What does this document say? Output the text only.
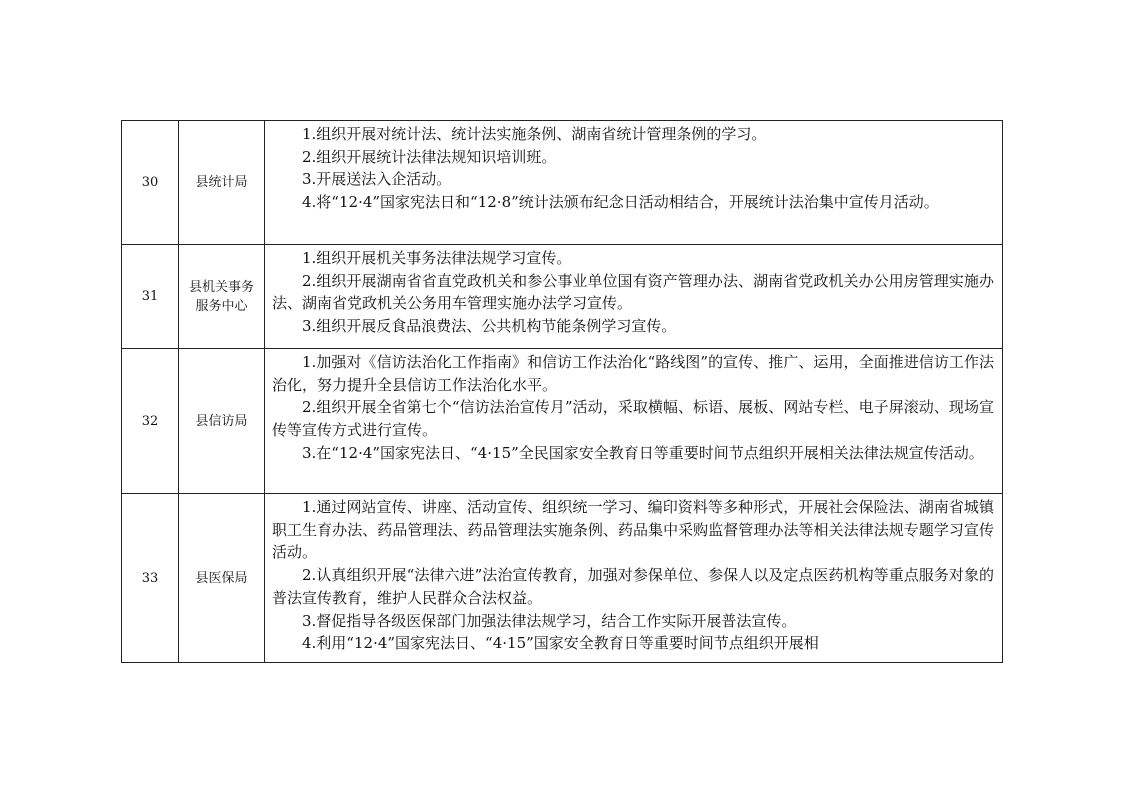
30	县统计局	1.组织开展对统计法、统计法实施条例、湖南省统计管理条例的学习。

2.组织开展统计法律法规知识培训班。

3.开展送法入企活动。

4.将“12·4”国家宪法日和“12·8”统计法颁布纪念日活动相结合，开展统计法治集中宣传月活动。

31	县机关事务服务中心	1.组织开展机关事务法律法规学习宣传。

2.组织开展湖南省省直党政机关和参公事业单位国有资产管理办法、湖南省党政机关办公用房管理实施办法、湖南省党政机关公务用车管理实施办法学习宣传。

3.组织开展反食品浪费法、公共机构节能条例学习宣传。

32	县信访局	1.加强对《信访法治化工作指南》和信访工作法治化“路线图”的宣传、推广、运用，全面推进信访工作法治化，努力提升全县信访工作法治化水平。

2.组织开展全省第七个“信访法治宣传月”活动，采取横幅、标语、展板、网站专栏、电子屏滚动、现场宣传等宣传方式进行宣传。

3.在“12·4”国家宪法日、“4·15”全民国家安全教育日等重要时间节点组织开展相关法律法规宣传活动。

33	县医保局	1.通过网站宣传、讲座、活动宣传、组织统一学习、编印资料等多种形式，开展社会保险法、湖南省城镇职工生育办法、药品管理法、药品管理法实施条例、药品集中采购监督管理办法等相关法律法规专题学习宣传活动。

2.认真组织开展“法律六进”法治宣传教育，加强对参保单位、参保人以及定点医药机构等重点服务对象的普法宣传教育，维护人民群众合法权益。

3.督促指导各级医保部门加强法律法规学习，结合工作实际开展普法宣传。

4.利用“12·4”国家宪法日、“4·15”国家安全教育日等重要时间节点组织开展相
